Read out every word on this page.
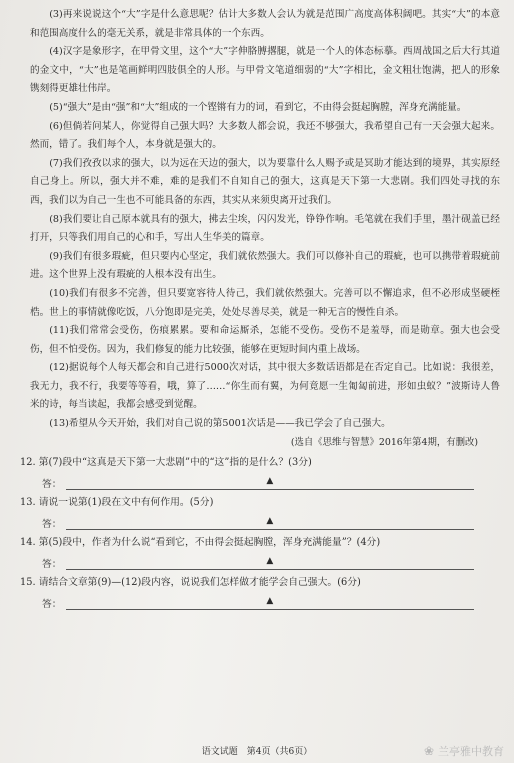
(3)再来说说这个“大”字是什么意思呢？估计大多数人会认为就是范围广高度高体积阔吧。其实“大”的本意和范围高度什么的毫无关系，就是非常具体的一个东西。

(4)汉字是象形字，在甲骨文里，这个“大”字伸胳膊撂腿，就是一个人的体态标摹。西周战国之后大行其道的金文中，“大”也是笔画鲜明四肢俱全的人形。与甲骨文笔道细弱的“大”字相比，金文粗壮饱满，把人的形象镌刻得更雄壮伟岸。

(5)“强大”是由“强”和“大”组成的一个铿锵有力的词，看到它，不由得会挺起胸膛，浑身充满能量。

(6)但倘若问某人，你觉得自己强大吗？大多数人都会说，我还不够强大，我希望自己有一天会强大起来。然而，错了。我们每个人，本身就是强大的。

(7)我们孜孜以求的强大，以为远在天边的强大，以为要靠什么人赐予或是冥助才能达到的境界，其实原经自己身上。所以，强大并不难，难的是我们不自知自己的强大，这真是天下第一大悲剧。我们四处寻找的东西，我们以为自己一生也不可能具备的东西，其实从来须臾离开过我们。

(8)我们要让自己原本就具有的强大，拂去尘埃，闪闪发光，铮铮作响。毛笔就在我们手里，墨汁砚盖已经打开，只等我们用自己的心和手，写出人生华美的篇章。

(9)我们有很多瑕疵，但只要内心坚定，我们就依然强大。我们可以修补自己的瑕疵，也可以携带着瑕疵前进。这个世界上没有瑕疵的人根本没有出生。

(10)我们有很多不完善，但只要宽容待人待己，我们就依然强大。完善可以不懈追求，但不必形成坚硬桎梏。世上的事情就像吃饭，八分饱即是完美，处处尽善尽美，就是一种无言的慢性自杀。

(11)我们常常会受伤，伤痕累累。要和命运厮杀，怎能不受伤。受伤不是羞辱，而是勋章。强大也会受伤，但不怕受伤。因为，我们修复的能力比较强，能够在更短时间内重上战场。

(12)据说每个人每天都会和自己进行5000次对话，其中很大多数话语都是在否定自己。比如说：我很差，我无力，我不行，我要等等看，哦，算了……“你生而有翼，为何竟愿一生匍匐前进，形如虫蚁？”波斯诗人鲁米的诗，每当读起，我都会感受到觉醒。

(13)希望从今天开始，我们对自己说的第5001次话是——我已学会了自己强大。

(选自《思维与智慧》2016年第4期，有删改)

12. 第(7)段中“这真是天下第一大悲剧”中的“这”指的是什么？(3分)

答：	▲

13. 请说一说第(1)段在文中有何作用。(5分)

答：	▲

14. 第(5)段中，作者为什么说“看到它，不由得会挺起胸膛，浑身充满能量”？(4分)

答：	▲

15. 请结合文章第(9)—(12)段内容，说说我们怎样做才能学会自己强大。(6分)

答：	▲
语文试题　第4页（共6页）	❀ 兰亭雅中教育
